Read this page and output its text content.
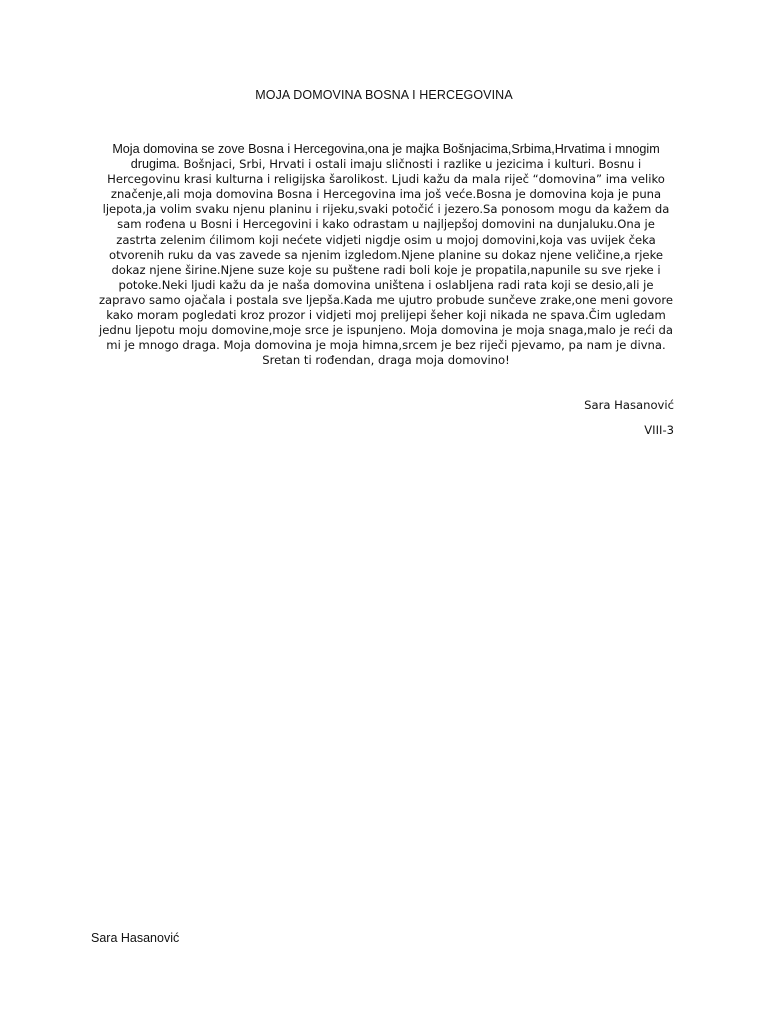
MOJA DOMOVINA BOSNA I HERCEGOVINA
Moja domovina se zove Bosna i Hercegovina,ona je majka Bošnjacima,Srbima,Hrvatima i mnogim drugima. Bošnjaci, Srbi, Hrvati i ostali imaju sličnosti i razlike u jezicima i kulturi. Bosnu i Hercegovinu krasi kulturna i religijska šarolikost. Ljudi kažu da mala riječ “domovina” ima veliko značenje,ali moja domovina Bosna i Hercegovina ima još veće.Bosna je domovina koja je puna ljepota,ja volim svaku njenu planinu i rijeku,svaki potočić i jezero.Sa ponosom mogu da kažem da sam rođena u Bosni i Hercegovini i kako odrastam u najljepšoj domovini na dunjaluku.Ona je zastrta zelenim ćilimom koji nećete vidjeti nigdje osim u mojoj domovini,koja vas uvijek čeka otvorenih ruku da vas zavede sa njenim izgledom.Njene planine su dokaz njene veličine,a rjeke dokaz njene širine.Njene suze koje su puštene radi boli koje je propatila,napunile su sve rjeke i potoke.Neki ljudi kažu da je naša domovina uništena i oslabljena radi rata koji se desio,ali je zapravo samo ojačala i postala sve ljepša.Kada me ujutro probude sunčeve zrake,one meni govore kako moram pogledati kroz prozor i vidjeti moj prelijepi šeher koji nikada ne spava.Čim ugledam jednu ljepotu moju domovine,moje srce je ispunjeno. Moja domovina je moja snaga,malo je reći da mi je mnogo draga. Moja domovina je moja himna,srcem je bez riječi pjevamo, pa nam je divna. Sretan ti rođendan, draga moja domovino!
Sara Hasanović
VIII-3
Sara Hasanović
